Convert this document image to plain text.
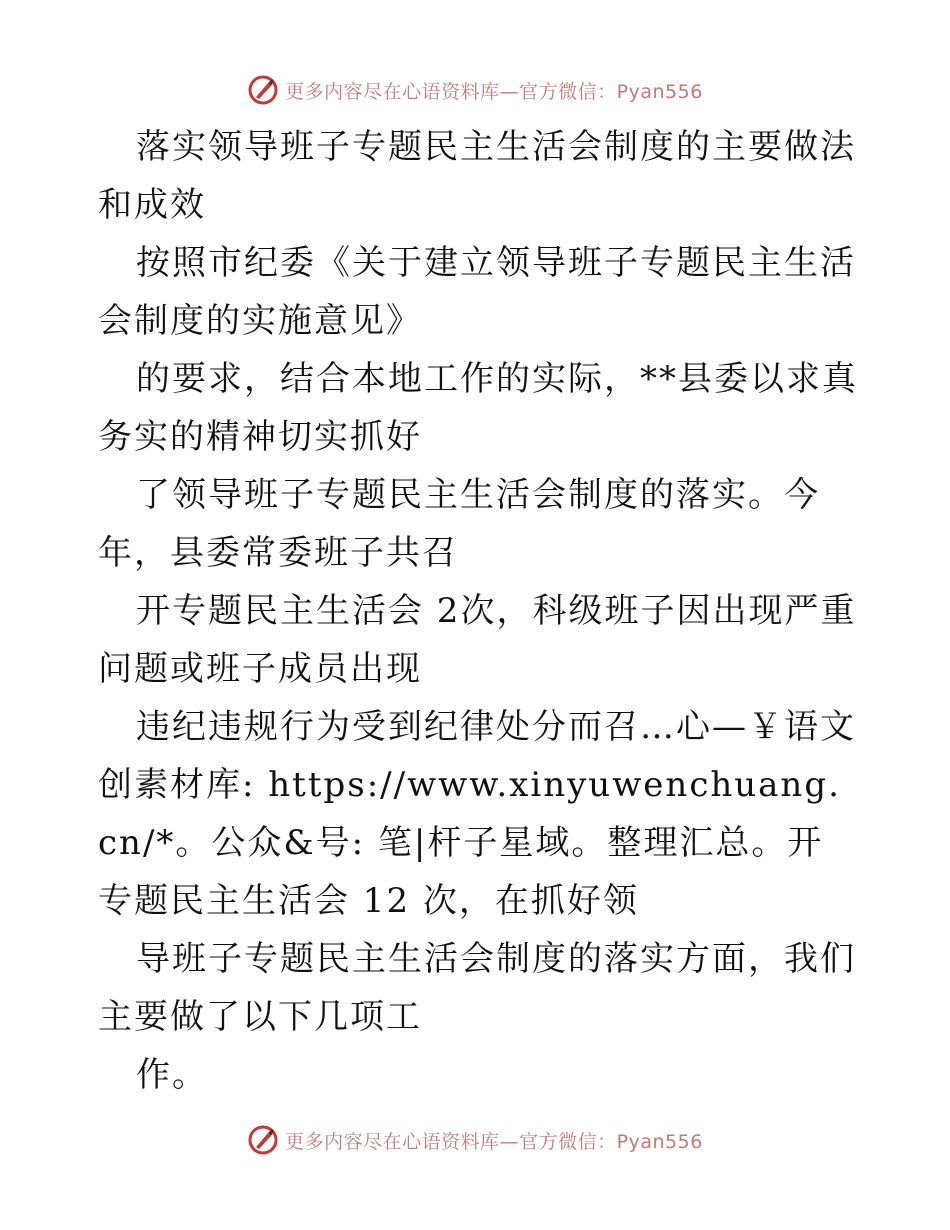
更多内容尽在心语资料库—官方微信：Pyan556

落实领导班子专题民主生活会制度的主要做法和成效

按照市纪委《关于建立领导班子专题民主生活会制度的实施意见》

的要求，结合本地工作的实际，**县委以求真务实的精神切实抓好

了领导班子专题民主生活会制度的落实。今年，县委常委班子共召

开专题民主生活会 2次，科级班子因出现严重问题或班子成员出现

违纪违规行为受到纪律处分而召…心—￥语文创素材库: https://www.xinyuwenchuang.cn/*。公众&号: 笔|杆子星域。整理汇总。开专题民主生活会 12 次，在抓好领

导班子专题民主生活会制度的落实方面，我们主要做了以下几项工

作。

更多内容尽在心语资料库—官方微信：Pyan556
